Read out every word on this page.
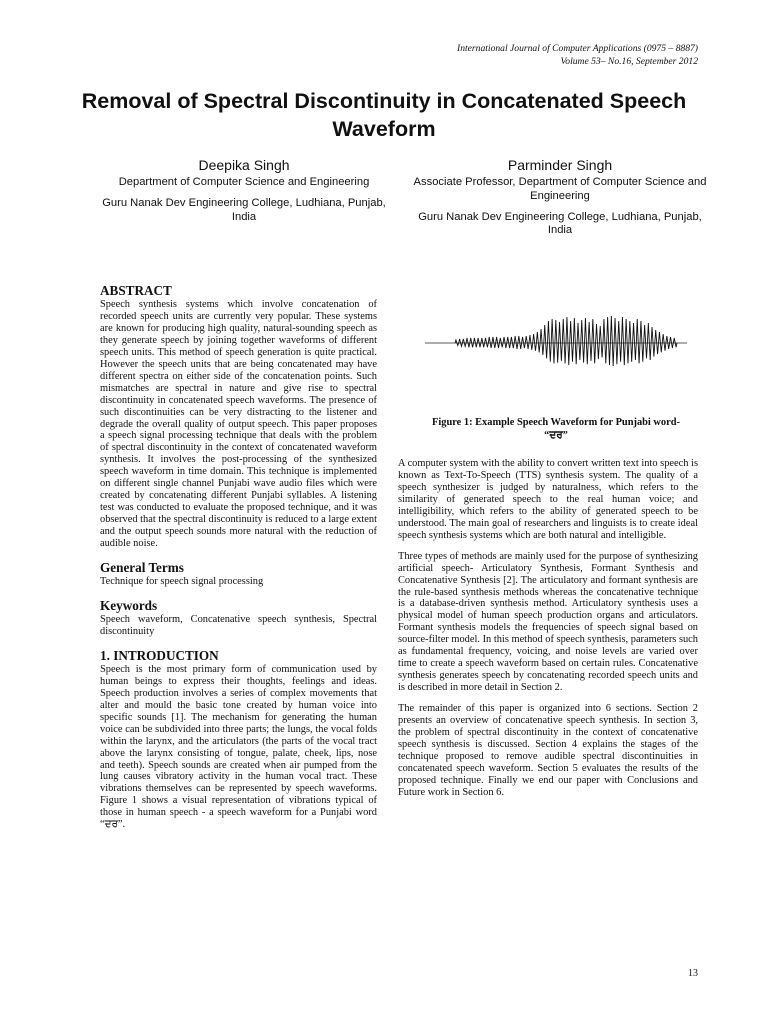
International Journal of Computer Applications (0975 – 8887)
Volume 53– No.16, September 2012
Removal of Spectral Discontinuity in Concatenated Speech Waveform
Deepika Singh
Department of Computer Science and Engineering
Guru Nanak Dev Engineering College, Ludhiana, Punjab, India
Parminder Singh
Associate Professor, Department of Computer Science and Engineering
Guru Nanak Dev Engineering College, Ludhiana, Punjab, India
ABSTRACT

Speech synthesis systems which involve concatenation of recorded speech units are currently very popular. These systems are known for producing high quality, natural-sounding speech as they generate speech by joining together waveforms of different speech units. This method of speech generation is quite practical. However the speech units that are being concatenated may have different spectra on either side of the concatenation points. Such mismatches are spectral in nature and give rise to spectral discontinuity in concatenated speech waveforms. The presence of such discontinuities can be very distracting to the listener and degrade the overall quality of output speech. This paper proposes a speech signal processing technique that deals with the problem of spectral discontinuity in the context of concatenated waveform synthesis. It involves the post-processing of the synthesized speech waveform in time domain. This technique is implemented on different single channel Punjabi wave audio files which were created by concatenating different Punjabi syllables. A listening test was conducted to evaluate the proposed technique, and it was observed that the spectral discontinuity is reduced to a large extent and the output speech sounds more natural with the reduction of audible noise.

General Terms

Technique for speech signal processing

Keywords

Speech waveform, Concatenative speech synthesis, Spectral discontinuity

1. INTRODUCTION

Speech is the most primary form of communication used by human beings to express their thoughts, feelings and ideas. Speech production involves a series of complex movements that alter and mould the basic tone created by human voice into specific sounds [1]. The mechanism for generating the human voice can be subdivided into three parts; the lungs, the vocal folds within the larynx, and the articulators (the parts of the vocal tract above the larynx consisting of tongue, palate, cheek, lips, nose and teeth). Speech sounds are created when air pumped from the lung causes vibratory activity in the human vocal tract. These vibrations themselves can be represented by speech waveforms. Figure 1 shows a visual representation of vibrations typical of those in human speech - a speech waveform for a Punjabi word “ਦਰ”.

Figure 1: Example Speech Waveform for Punjabi word- “ਦਰ”

A computer system with the ability to convert written text into speech is known as Text-To-Speech (TTS) synthesis system. The quality of a speech synthesizer is judged by naturalness, which refers to the similarity of generated speech to the real human voice; and intelligibility, which refers to the ability of generated speech to be understood. The main goal of researchers and linguists is to create ideal speech synthesis systems which are both natural and intelligible.

Three types of methods are mainly used for the purpose of synthesizing artificial speech- Articulatory Synthesis, Formant Synthesis and Concatenative Synthesis [2]. The articulatory and formant synthesis are the rule-based synthesis methods whereas the concatenative technique is a database-driven synthesis method. Articulatory synthesis uses a physical model of human speech production organs and articulators. Formant synthesis models the frequencies of speech signal based on source-filter model. In this method of speech synthesis, parameters such as fundamental frequency, voicing, and noise levels are varied over time to create a speech waveform based on certain rules. Concatenative synthesis generates speech by concatenating recorded speech units and is described in more detail in Section 2.

The remainder of this paper is organized into 6 sections. Section 2 presents an overview of concatenative speech synthesis. In section 3, the problem of spectral discontinuity in the context of concatenative speech synthesis is discussed. Section 4 explains the stages of the technique proposed to remove audible spectral discontinuities in concatenated speech waveform. Section 5 evaluates the results of the proposed technique. Finally we end our paper with Conclusions and Future work in Section 6.

13
